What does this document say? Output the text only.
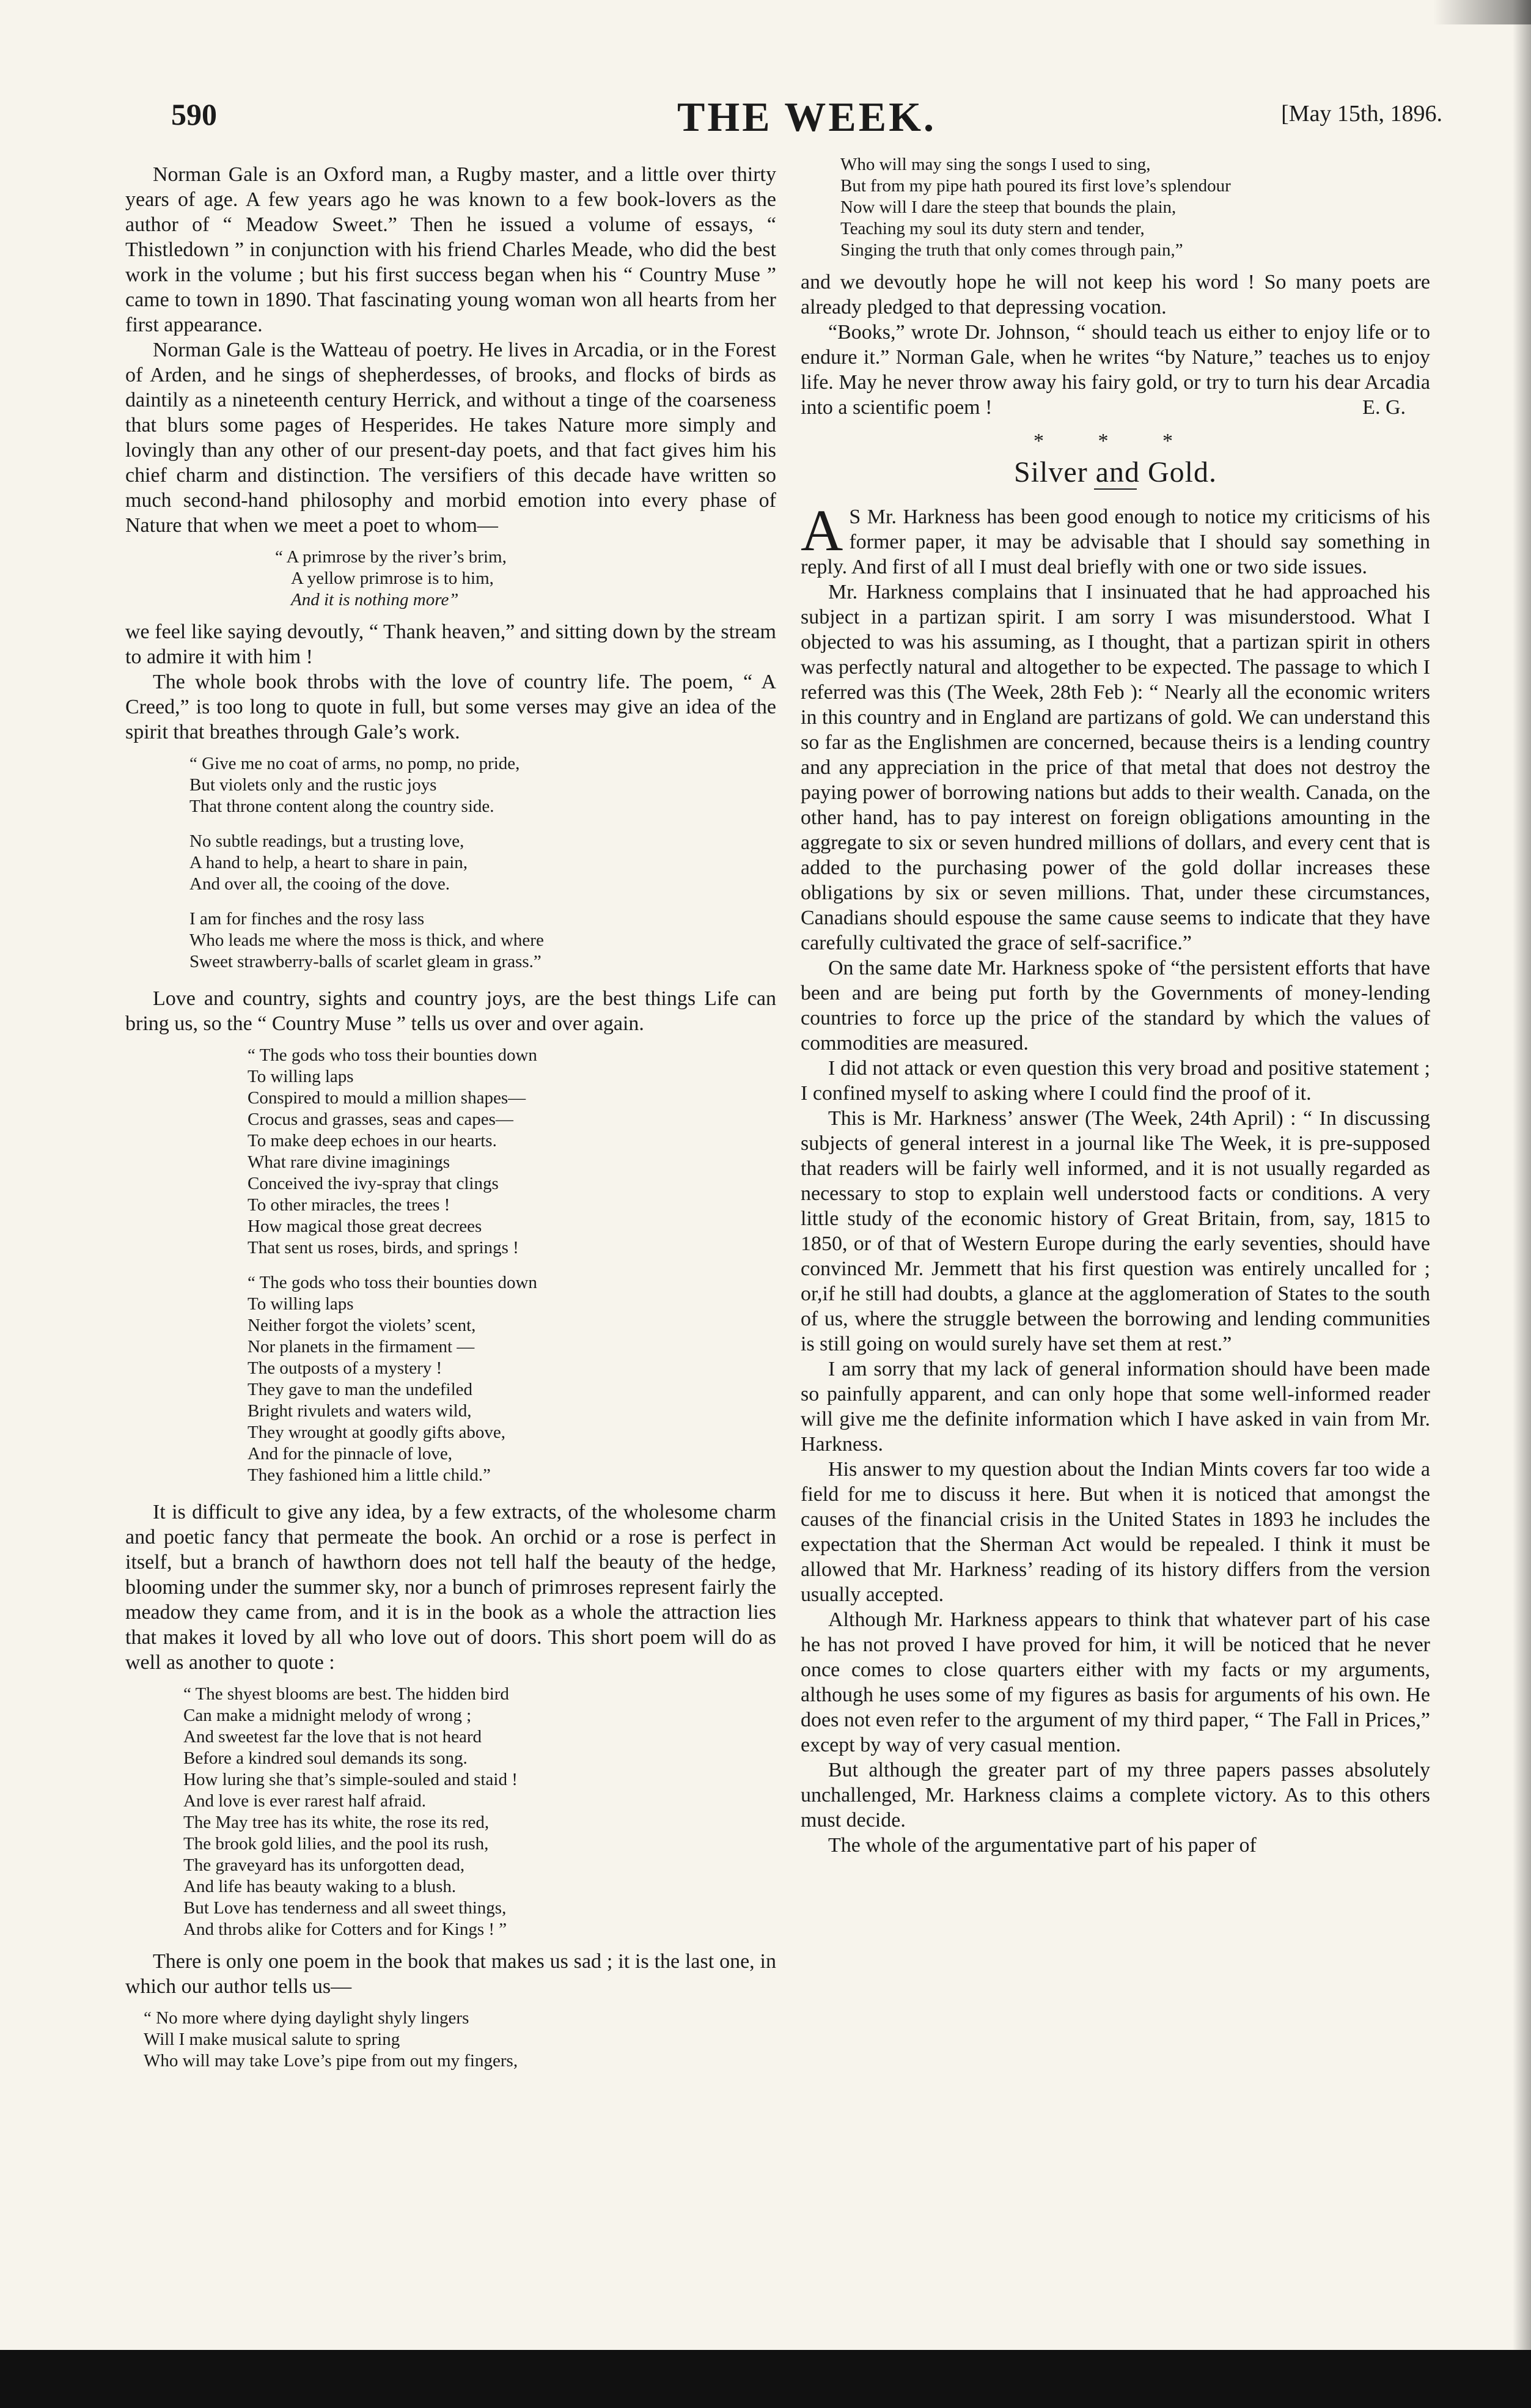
590	THE WEEK.	[May 15th, 1896.

Norman Gale is an Oxford man, a Rugby master, and a little over thirty years of age. A few years ago he was known to a few book-lovers as the author of “ Meadow Sweet.” Then he issued a volume of essays, “ Thistledown ” in conjunction with his friend Charles Meade, who did the best work in the volume ; but his first success began when his “ Country Muse ” came to town in 1890. That fascinating young woman won all hearts from her first appearance.

Norman Gale is the Watteau of poetry. He lives in Arcadia, or in the Forest of Arden, and he sings of shepherdesses, of brooks, and flocks of birds as daintily as a nineteenth century Herrick, and without a tinge of the coarseness that blurs some pages of Hesperides. He takes Nature more simply and lovingly than any other of our present-day poets, and that fact gives him his chief charm and distinction. The versifiers of this decade have written so much second-hand philosophy and morbid emotion into every phase of Nature that when we meet a poet to whom—

“ A primrose by the river’s brim,
A yellow primrose is to him,
And it is nothing more”

we feel like saying devoutly, “ Thank heaven,” and sitting down by the stream to admire it with him !

The whole book throbs with the love of country life. The poem, “ A Creed,” is too long to quote in full, but some verses may give an idea of the spirit that breathes through Gale’s work.

“ Give me no coat of arms, no pomp, no pride,
But violets only and the rustic joys
That throne content along the country side.
No subtle readings, but a trusting love,
A hand to help, a heart to share in pain,
And over all, the cooing of the dove.
I am for finches and the rosy lass
Who leads me where the moss is thick, and where
Sweet strawberry-balls of scarlet gleam in grass.”

Love and country, sights and country joys, are the best things Life can bring us, so the “ Country Muse ” tells us over and over again.

“ The gods who toss their bounties down
To willing laps
Conspired to mould a million shapes—
Crocus and grasses, seas and capes—
To make deep echoes in our hearts.
What rare divine imaginings
Conceived the ivy-spray that clings
To other miracles, the trees !
How magical those great decrees
That sent us roses, birds, and springs !
“ The gods who toss their bounties down
To willing laps
Neither forgot the violets’ scent,
Nor planets in the firmament —
The outposts of a mystery !
They gave to man the undefiled
Bright rivulets and waters wild,
They wrought at goodly gifts above,
And for the pinnacle of love,
They fashioned him a little child.”

It is difficult to give any idea, by a few extracts, of the wholesome charm and poetic fancy that permeate the book. An orchid or a rose is perfect in itself, but a branch of hawthorn does not tell half the beauty of the hedge, blooming under the summer sky, nor a bunch of primroses represent fairly the meadow they came from, and it is in the book as a whole the attraction lies that makes it loved by all who love out of doors. This short poem will do as well as another to quote :

“ The shyest blooms are best. The hidden bird
Can make a midnight melody of wrong ;
And sweetest far the love that is not heard
Before a kindred soul demands its song.
How luring she that’s simple-souled and staid !
And love is ever rarest half afraid.
The May tree has its white, the rose its red,
The brook gold lilies, and the pool its rush,
The graveyard has its unforgotten dead,
And life has beauty waking to a blush.
But Love has tenderness and all sweet things,
And throbs alike for Cotters and for Kings ! ”

There is only one poem in the book that makes us sad ; it is the last one, in which our author tells us—

“ No more where dying daylight shyly lingers
Will I make musical salute to spring
Who will may take Love’s pipe from out my fingers,
Who will may sing the songs I used to sing,
But from my pipe hath poured its first love’s splendour
Now will I dare the steep that bounds the plain,
Teaching my soul its duty stern and tender,
Singing the truth that only comes through pain,”

and we devoutly hope he will not keep his word ! So many poets are already pledged to that depressing vocation.

“Books,” wrote Dr. Johnson, “ should teach us either to enjoy life or to endure it.” Norman Gale, when he writes “by Nature,” teaches us to enjoy life. May he never throw away his fairy gold, or try to turn his dear Arcadia into a scientific poem !	E. G.
* * *
Silver and Gold.

A S Mr. Harkness has been good enough to notice my criticisms of his former paper, it may be advisable that I should say something in reply. And first of all I must deal briefly with one or two side issues.

Mr. Harkness complains that I insinuated that he had approached his subject in a partizan spirit. I am sorry I was misunderstood. What I objected to was his assuming, as I thought, that a partizan spirit in others was perfectly natural and altogether to be expected. The passage to which I referred was this (The Week, 28th Feb ): “ Nearly all the economic writers in this country and in England are partizans of gold. We can understand this so far as the Englishmen are concerned, because theirs is a lending country and any appreciation in the price of that metal that does not destroy the paying power of borrowing nations but adds to their wealth. Canada, on the other hand, has to pay interest on foreign obligations amounting in the aggregate to six or seven hundred millions of dollars, and every cent that is added to the purchasing power of the gold dollar increases these obligations by six or seven millions. That, under these circumstances, Canadians should espouse the same cause seems to indicate that they have carefully cultivated the grace of self-sacrifice.”

On the same date Mr. Harkness spoke of “the persistent efforts that have been and are being put forth by the Governments of money-lending countries to force up the price of the standard by which the values of commodities are measured.

I did not attack or even question this very broad and positive statement ; I confined myself to asking where I could find the proof of it.

This is Mr. Harkness’ answer (The Week, 24th April) : “ In discussing subjects of general interest in a journal like The Week, it is pre-supposed that readers will be fairly well informed, and it is not usually regarded as necessary to stop to explain well understood facts or conditions. A very little study of the economic history of Great Britain, from, say, 1815 to 1850, or of that of Western Europe during the early seventies, should have convinced Mr. Jemmett that his first question was entirely uncalled for ; or,if he still had doubts, a glance at the agglomeration of States to the south of us, where the struggle between the borrowing and lending communities is still going on would surely have set them at rest.”

I am sorry that my lack of general information should have been made so painfully apparent, and can only hope that some well-informed reader will give me the definite information which I have asked in vain from Mr. Harkness.

His answer to my question about the Indian Mints covers far too wide a field for me to discuss it here. But when it is noticed that amongst the causes of the financial crisis in the United States in 1893 he includes the expectation that the Sherman Act would be repealed. I think it must be allowed that Mr. Harkness’ reading of its history differs from the version usually accepted.

Although Mr. Harkness appears to think that whatever part of his case he has not proved I have proved for him, it will be noticed that he never once comes to close quarters either with my facts or my arguments, although he uses some of my figures as basis for arguments of his own. He does not even refer to the argument of my third paper, “ The Fall in Prices,” except by way of very casual mention.

But although the greater part of my three papers passes absolutely unchallenged, Mr. Harkness claims a complete victory. As to this others must decide.

The whole of the argumentative part of his paper of
